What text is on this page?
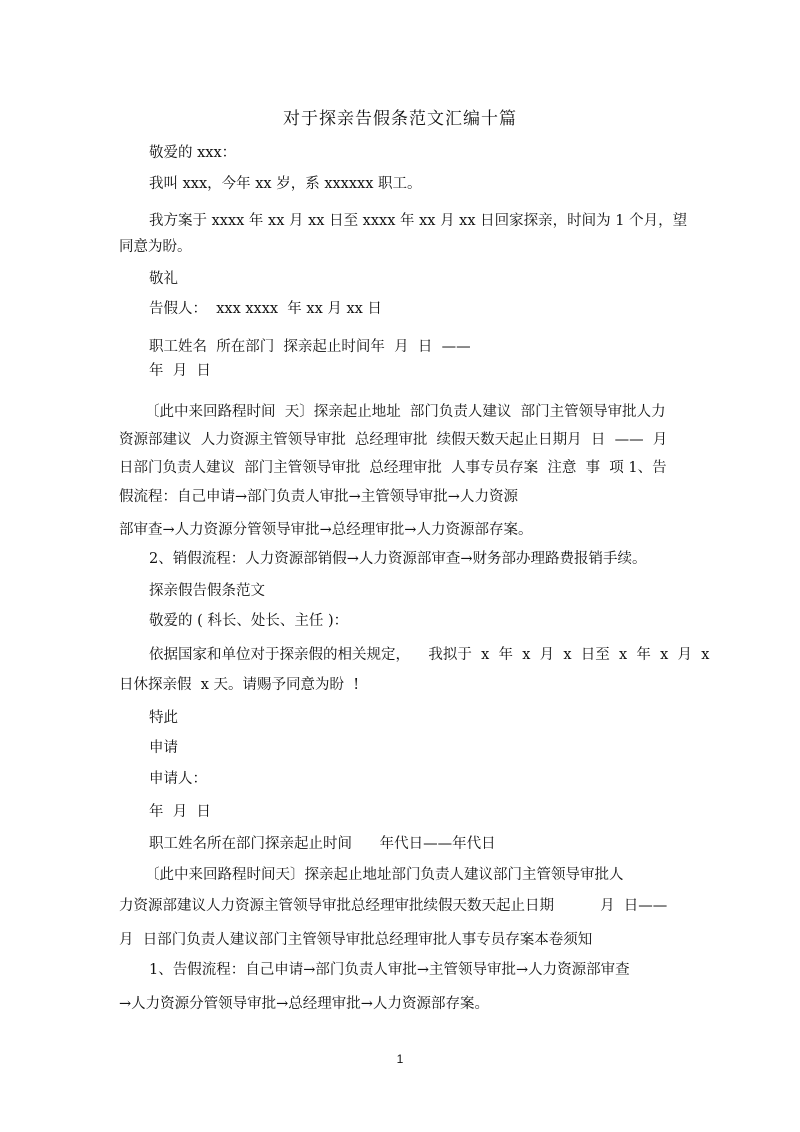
对于探亲告假条范文汇编十篇
敬爱的 xxx：
我叫 xxx，今年 xx 岁，系 xxxxxx 职工。
我方案于 xxxx 年 xx 月 xx 日至 xxxx 年 xx 月 xx 日回家探亲，时间为 1 个月，望
同意为盼。
敬礼
告假人：  xxx xxxx  年 xx 月 xx 日
职工姓名  所在部门  探亲起止时间年  月  日  ——
年  月  日
〔此中来回路程时间  天〕探亲起止地址  部门负责人建议  部门主管领导审批人力
资源部建议  人力资源主管领导审批  总经理审批  续假天数天起止日期月  日  ——  月
日部门负责人建议  部门主管领导审批  总经理审批  人事专员存案  注意  事  项 1、告
假流程：自己申请→部门负责人审批→主管领导审批→人力资源
部审查→人力资源分管领导审批→总经理审批→人力资源部存案。
2、销假流程：人力资源部销假→人力资源部审查→财务部办理路费报销手续。
探亲假告假条范文
敬爱的 ( 科长、处长、主任 )：
依据国家和单位对于探亲假的相关规定，    我拟于  x  年  x  月  x  日至  x  年  x  月  x
日休探亲假  x 天。请赐予同意为盼  !
特此
申请
申请人：
年  月  日
职工姓名所在部门探亲起止时间      年代日——年代日
〔此中来回路程时间天〕探亲起止地址部门负责人建议部门主管领导审批人
力资源部建议人力资源主管领导审批总经理审批续假天数天起止日期          月  日——
月  日部门负责人建议部门主管领导审批总经理审批人事专员存案本卷须知
1、告假流程：自己申请→部门负责人审批→主管领导审批→人力资源部审查
→人力资源分管领导审批→总经理审批→人力资源部存案。
1
